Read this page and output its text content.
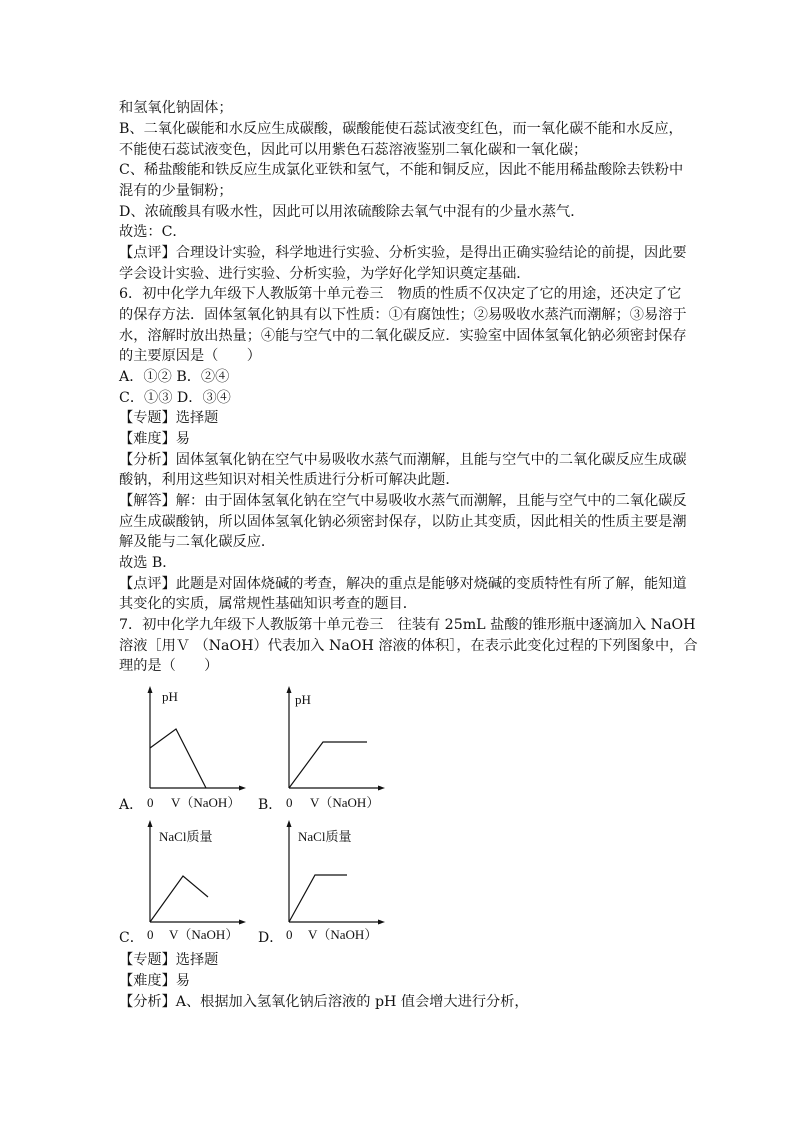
和氢氧化钠固体；
B、二氧化碳能和水反应生成碳酸，碳酸能使石蕊试液变红色，而一氧化碳不能和水反应，
不能使石蕊试液变色，因此可以用紫色石蕊溶液鉴别二氧化碳和一氧化碳；
C、稀盐酸能和铁反应生成氯化亚铁和氢气，不能和铜反应，因此不能用稀盐酸除去铁粉中
混有的少量铜粉；
D、浓硫酸具有吸水性，因此可以用浓硫酸除去氧气中混有的少量水蒸气．
故选：C．
【点评】合理设计实验，科学地进行实验、分析实验，是得出正确实验结论的前提，因此要
学会设计实验、进行实验、分析实验，为学好化学知识奠定基础．
6．初中化学九年级下人教版第十单元卷三　物质的性质不仅决定了它的用途，还决定了它
的保存方法．固体氢氧化钠具有以下性质：①有腐蚀性；②易吸收水蒸汽而潮解；③易溶于
水，溶解时放出热量；④能与空气中的二氧化碳反应．实验室中固体氢氧化钠必须密封保存
的主要原因是（　　）
A．①② B．②④
C．①③ D．③④
【专题】选择题
【难度】易
【分析】固体氢氧化钠在空气中易吸收水蒸气而潮解，且能与空气中的二氧化碳反应生成碳
酸钠，利用这些知识对相关性质进行分析可解决此题．
【解答】解：由于固体氢氧化钠在空气中易吸收水蒸气而潮解，且能与空气中的二氧化碳反
应生成碳酸钠，所以固体氢氧化钠必须密封保存，以防止其变质，因此相关的性质主要是潮
解及能与二氧化碳反应．
故选 B．
【点评】此题是对固体烧碱的考查，解决的重点是能够对烧碱的变质特性有所了解，能知道
其变化的实质，属常规性基础知识考查的题目．
7．初中化学九年级下人教版第十单元卷三　往装有 25mL 盐酸的锥形瓶中逐滴加入 NaOH
溶液［用Ｖ （NaOH）代表加入 NaOH 溶液的体积］，在表示此变化过程的下列图象中，合
理的是（　　）
A．
pH
0 V（NaOH） B．
pH
0 V（NaOH）
C．
NaCl质量
0 V（NaOH） D．
NaCl质量
0 V（NaOH）
【专题】选择题
【难度】易
【分析】A、根据加入氢氧化钠后溶液的 pH 值会增大进行分析，
